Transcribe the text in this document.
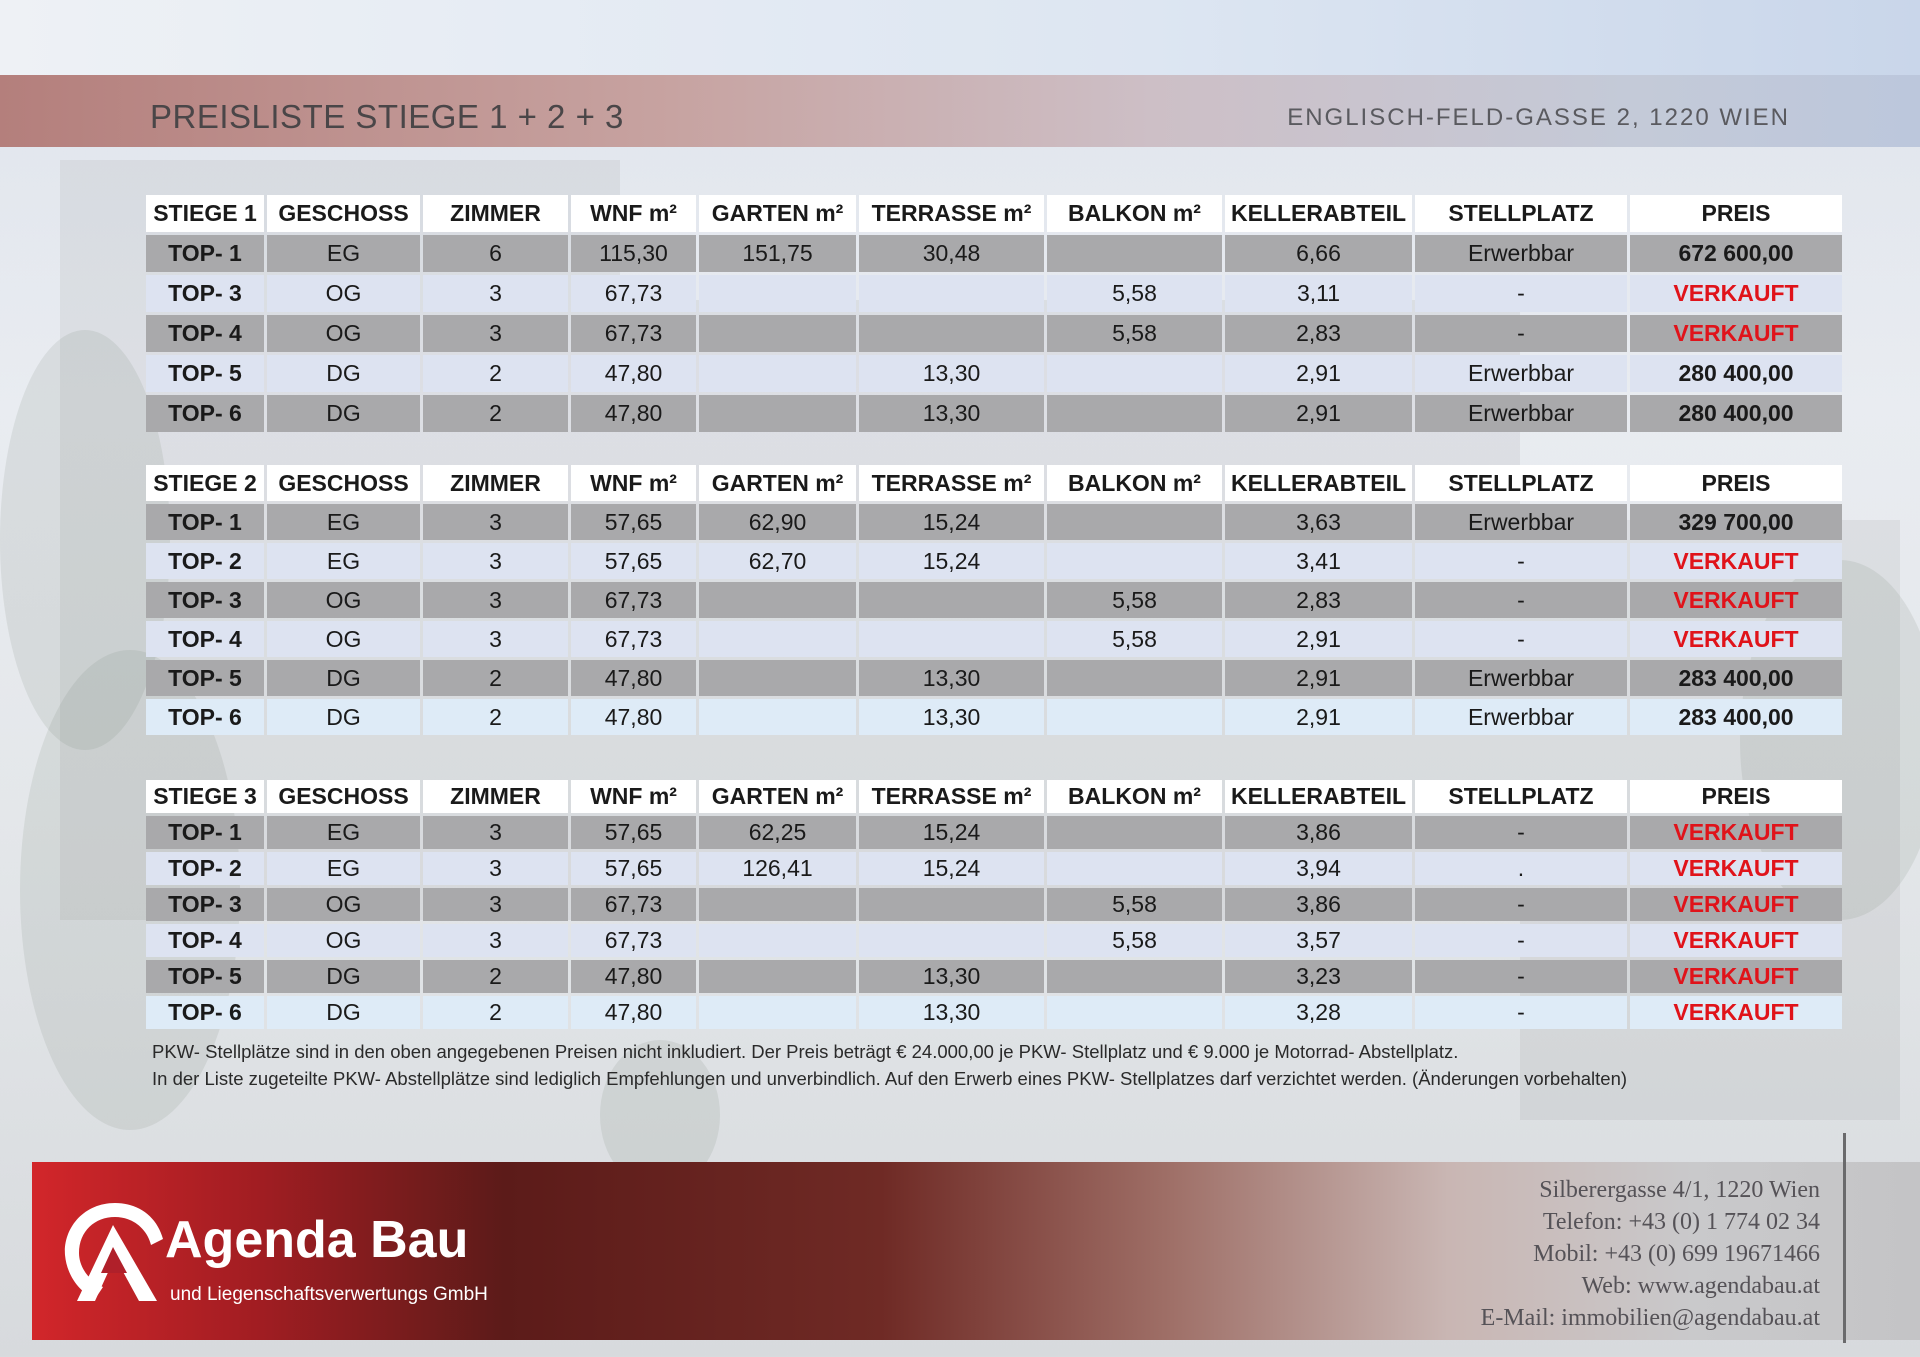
PREISLISTE STIEGE 1 + 2 + 3	ENGLISCH-FELD-GASSE 2, 1220 WIEN
STIEGE 1	GESCHOSS	ZIMMER	WNF m²	GARTEN m²	TERRASSE m²	BALKON m²	KELLERABTEIL	STELLPLATZ	PREIS
TOP- 1	EG	6	115,30	151,75	30,48		6,66	Erwerbbar	672 600,00
TOP- 3	OG	3	67,73			5,58	3,11	-	VERKAUFT
TOP- 4	OG	3	67,73			5,58	2,83	-	VERKAUFT
TOP- 5	DG	2	47,80		13,30		2,91	Erwerbbar	280 400,00
TOP- 6	DG	2	47,80		13,30		2,91	Erwerbbar	280 400,00
STIEGE 2	GESCHOSS	ZIMMER	WNF m²	GARTEN m²	TERRASSE m²	BALKON m²	KELLERABTEIL	STELLPLATZ	PREIS
TOP- 1	EG	3	57,65	62,90	15,24		3,63	Erwerbbar	329 700,00
TOP- 2	EG	3	57,65	62,70	15,24		3,41	-	VERKAUFT
TOP- 3	OG	3	67,73			5,58	2,83	-	VERKAUFT
TOP- 4	OG	3	67,73			5,58	2,91	-	VERKAUFT
TOP- 5	DG	2	47,80		13,30		2,91	Erwerbbar	283 400,00
TOP- 6	DG	2	47,80		13,30		2,91	Erwerbbar	283 400,00
STIEGE 3	GESCHOSS	ZIMMER	WNF m²	GARTEN m²	TERRASSE m²	BALKON m²	KELLERABTEIL	STELLPLATZ	PREIS
TOP- 1	EG	3	57,65	62,25	15,24		3,86	-	VERKAUFT
TOP- 2	EG	3	57,65	126,41	15,24		3,94	.	VERKAUFT
TOP- 3	OG	3	67,73			5,58	3,86	-	VERKAUFT
TOP- 4	OG	3	67,73			5,58	3,57	-	VERKAUFT
TOP- 5	DG	2	47,80		13,30		3,23	-	VERKAUFT
TOP- 6	DG	2	47,80		13,30		3,28	-	VERKAUFT
PKW- Stellplätze sind in den oben angegebenen Preisen nicht inkludiert. Der Preis beträgt € 24.000,00 je PKW- Stellplatz und € 9.000 je Motorrad- Abstellplatz.
In der Liste zugeteilte PKW- Abstellplätze sind lediglich Empfehlungen und unverbindlich. Auf den Erwerb eines PKW- Stellplatzes darf verzichtet werden. (Änderungen vorbehalten)
Agenda Bau
und Liegenschaftsverwertungs GmbH
Silberergasse 4/1, 1220 Wien
Telefon: +43 (0) 1 774 02 34
Mobil: +43 (0) 699 19671466
Web: www.agendabau.at
E-Mail: immobilien@agendabau.at
